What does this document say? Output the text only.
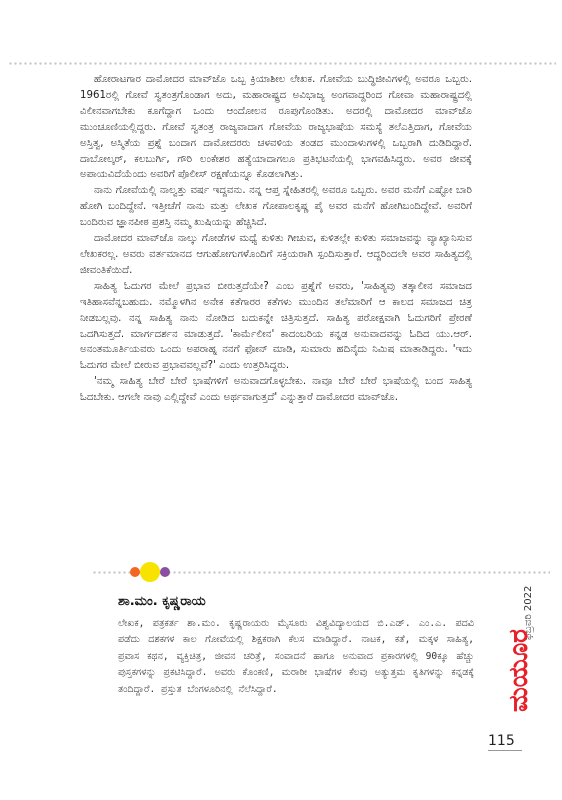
ಹೋರಾಟಗಾರ ದಾಮೋದರ ಮಾವ್‌ಜೊ ಒಬ್ಬ ಕ್ರಿಯಾಶೀಲ ಲೇಖಕ. ಗೋವೆಯ ಬುದ್ಧಿಜೀವಿಗಳಲ್ಲಿ ಅವರೂ ಒಬ್ಬರು. 1961ರಲ್ಲಿ ಗೋವೆ ಸ್ವತಂತ್ರಗೊಂಡಾಗ ಅದು, ಮಹಾರಾಷ್ಟ್ರದ ಅವಿಭಾಜ್ಯ ಅಂಗವಾದ್ದರಿಂದ ಗೋವಾ ಮಹಾರಾಷ್ಟ್ರದಲ್ಲಿ ವಿಲೀನವಾಗಬೇಕು ಕೂಗೆದ್ದಾಗ ಒಂದು ಆಂದೋಲನ ರೂಪುಗೊಂಡಿತು. ಅದರಲ್ಲಿ ದಾಮೋದರ ಮಾವ್‌ಜೊ ಮುಂಚೂಣಿಯಲ್ಲಿದ್ದರು. ಗೋವೆ ಸ್ವತಂತ್ರ ರಾಜ್ಯವಾದಾಗ ಗೋವೆಯ ರಾಜ್ಯಭಾಷೆಯ ಸಮಸ್ಯೆ ತಲೆಎತ್ತಿದಾಗ, ಗೋವೆಯ ಅಸ್ತಿತ್ವ, ಅಸ್ಮಿತೆಯ ಪ್ರಶ್ನೆ ಬಂದಾಗ ದಾಮೋದರರು ಚಳವಳಿಯ ತಂಡದ ಮುಂದಾಳುಗಳಲ್ಲಿ ಒಬ್ಬರಾಗಿ ದುಡಿದಿದ್ದಾರೆ. ದಾಬೋಲ್ಕರ್, ಕಲಬುರ್ಗಿ, ಗೌರಿ ಲಂಕೇಶರ ಹತ್ಯೆಯಾದಾಗಲೂ ಪ್ರತಿಭಟನೆಯಲ್ಲಿ ಭಾಗವಹಿಸಿದ್ದರು. ಅವರ ಜೀವಕ್ಕೆ ಅಪಾಯವಿದೆಯೆಂದು ಅವರಿಗೆ ಪೊಲೀಸ್ ರಕ್ಷಣೆಯನ್ನೂ ಕೊಡಲಾಗಿತ್ತು.

ನಾನು ಗೋವೆಯಲ್ಲಿ ನಾಲ್ವತ್ತು ವರ್ಷ ಇದ್ದವನು. ನನ್ನ ಆಪ್ತ ಸ್ನೇಹಿತರಲ್ಲಿ ಅವರೂ ಒಬ್ಬರು. ಅವರ ಮನೆಗೆ ಎಷ್ಟೋ ಬಾರಿ ಹೋಗಿ ಬಂದಿದ್ದೇನೆ. ಇತ್ತೀಚೆಗೆ ನಾನು ಮತ್ತು ಲೇಖಕ ಗೋಪಾಲಕೃಷ್ಣ ಪೈ ಅವರ ಮನೆಗೆ ಹೋಗಿಬಂದಿದ್ದೇವೆ. ಅವರಿಗೆ ಬಂದಿರುವ ಜ್ಞಾನಪೀಠ ಪ್ರಶಸ್ತಿ ನಮ್ಮ ಖುಷಿಯನ್ನು ಹೆಚ್ಚಿಸಿದೆ.

ದಾಮೋದರ ಮಾವ್‌ಜೊ ನಾಲ್ಕು ಗೋಡೆಗಳ ಮಧ್ಯೆ ಕುಳಿತು ಗೀಚುವ, ಕುಳಿತಲ್ಲೇ ಕುಳಿತು ಸಮಾಜವನ್ನು ವ್ಯಾಖ್ಯಾನಿಸುವ ಲೇಖಕರಲ್ಲ. ಅವರು ವರ್ತಮಾನದ ಆಗುಹೋಗುಗಳೊಂದಿಗೆ ಸಕ್ರಿಯರಾಗಿ ಸ್ಪಂದಿಸುತ್ತಾರೆ. ಆದ್ದರಿಂದಲೇ ಅವರ ಸಾಹಿತ್ಯದಲ್ಲಿ ಜೀವಂತಿಕೆಯಿದೆ.

ಸಾಹಿತ್ಯ ಓದುಗರ ಮೇಲೆ ಪ್ರಭಾವ ಬೀರುತ್ತದೆಯೇ? ಎಂಬ ಪ್ರಶ್ನೆಗೆ ಅವರು, 'ಸಾಹಿತ್ಯವು ತತ್ಕಾಲೀನ ಸಮಾಜದ ಇತಿಹಾಸವೆನ್ನಬಹುದು. ನಮ್ಮೊಳಗಿನ ಅನೇಕ ಕತೆಗಾರರ ಕತೆಗಳು ಮುಂದಿನ ತಲೆಮಾರಿಗೆ ಆ ಕಾಲದ ಸಮಾಜದ ಚಿತ್ರ ನೀಡಬಲ್ಲವು. ನನ್ನ ಸಾಹಿತ್ಯ ನಾನು ನೋಡಿದ ಬದುಕನ್ನೇ ಚಿತ್ರಿಸುತ್ತದೆ. ಸಾಹಿತ್ಯ ಪರೋಕ್ಷವಾಗಿ ಓದುಗರಿಗೆ ಪ್ರೇರಣೆ ಒದಗಿಸುತ್ತದೆ. ಮಾರ್ಗದರ್ಶನ ಮಾಡುತ್ತದೆ. 'ಕಾರ್ಮೆಲೀನ' ಕಾದಂಬರಿಯ ಕನ್ನಡ ಅನುವಾದವನ್ನು ಓದಿದ ಯು.ಆರ್. ಅನಂತಮೂರ್ತಿಯವರು ಒಂದು ಅಪರಾಹ್ನ ನನಗೆ ಫೋನ್ ಮಾಡಿ, ಸುಮಾರು ಹದಿನೈದು ನಿಮಿಷ ಮಾತಾಡಿದ್ದರು. 'ಇದು ಓದುಗರ ಮೇಲೆ ಬೀರುವ ಪ್ರಭಾವವಲ್ಲವೆ?' ಎಂದು ಉತ್ತರಿಸಿದ್ದರು.

'ನಮ್ಮ ಸಾಹಿತ್ಯ ಬೇರೆ ಬೇರೆ ಭಾಷೆಗಳಿಗೆ ಅನುವಾದಗೊಳ್ಳಬೇಕು. ನಾವೂ ಬೇರೆ ಬೇರೆ ಭಾಷೆಯಲ್ಲಿ ಬಂದ ಸಾಹಿತ್ಯ ಓದಬೇಕು. ಆಗಲೇ ನಾವು ಎಲ್ಲಿದ್ದೇವೆ ಎಂದು ಅರ್ಥವಾಗುತ್ತದೆ' ಎನ್ನುತ್ತಾರೆ ದಾಮೋದರ ಮಾವ್‌ಜೊ.

ಶಾ.ಮಂ. ಕೃಷ್ಣರಾಯ

ಲೇಖಕ, ಪತ್ರಕರ್ತ ಶಾ.ಮಂ. ಕೃಷ್ಣರಾಯರು ಮೈಸೂರು ವಿಶ್ವವಿದ್ಯಾಲಯದ ಬಿ.ಎಡ್. ಎಂ.ಎ. ಪದವಿ ಪಡೆದು ದಶಕಗಳ ಕಾಲ ಗೋವೆಯಲ್ಲಿ ಶಿಕ್ಷಕರಾಗಿ ಕೆಲಸ ಮಾಡಿದ್ದಾರೆ. ನಾಟಕ, ಕತೆ, ಮಕ್ಕಳ ಸಾಹಿತ್ಯ, ಪ್ರವಾಸ ಕಥನ, ವ್ಯಕ್ತಿಚಿತ್ರ, ಜೀವನ ಚರಿತ್ರೆ, ಸಂವಾದನೆ ಹಾಗೂ ಅನುವಾದ ಪ್ರಕಾರಗಳಲ್ಲಿ 90ಕ್ಕೂ ಹೆಚ್ಚು ಪುಸ್ತಕಗಳನ್ನು ಪ್ರಕಟಿಸಿದ್ದಾರೆ. ಅವರು ಕೊಂಕಣಿ, ಮರಾಠೀ ಭಾಷೆಗಳ ಕೆಲವು ಅತ್ಯುತ್ತಮ ಕೃತಿಗಳನ್ನು ಕನ್ನಡಕ್ಕೆ ತಂದಿದ್ದಾರೆ. ಪ್ರಸ್ತುತ ಬೆಂಗಳೂರಿನಲ್ಲಿ ನೆಲೆಸಿದ್ದಾರೆ.

ಫೆಬ್ರವರಿ 2022
ಮಯೂರ
115
